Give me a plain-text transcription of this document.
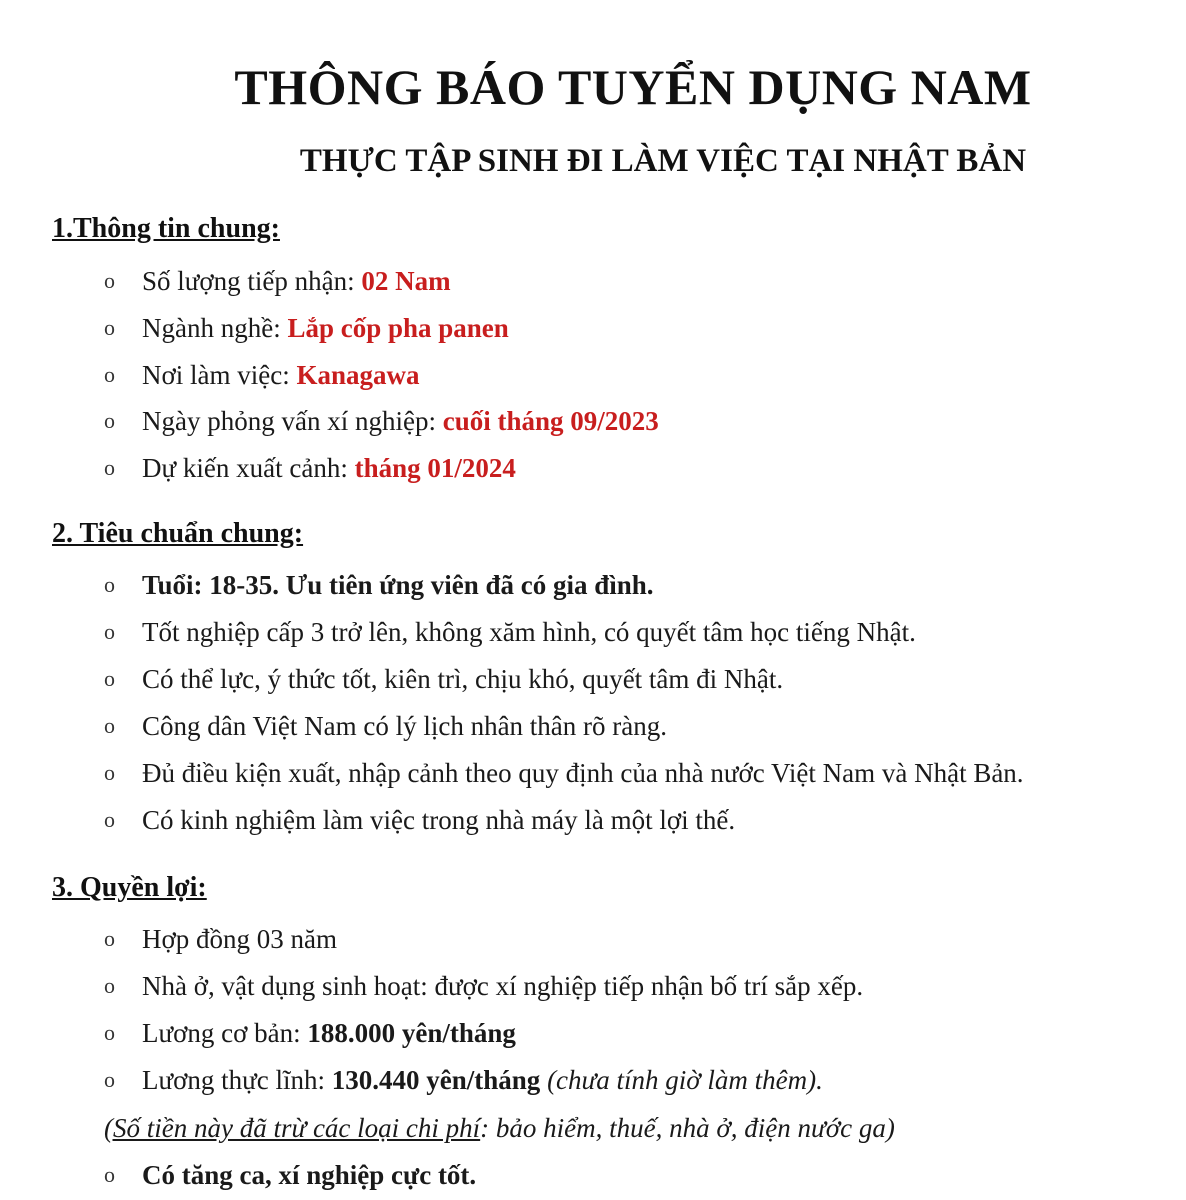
THÔNG BÁO TUYỂN DỤNG NAM
THỰC TẬP SINH ĐI LÀM VIỆC TẠI NHẬT BẢN
1.Thông tin chung:
o Số lượng tiếp nhận: 02 Nam
o Ngành nghề: Lắp cốp pha panen
o Nơi làm việc: Kanagawa
o Ngày phỏng vấn xí nghiệp: cuối tháng 09/2023
o Dự kiến xuất cảnh: tháng 01/2024
2. Tiêu chuẩn chung:
o Tuổi: 18-35. Ưu tiên ứng viên đã có gia đình.
o Tốt nghiệp cấp 3 trở lên, không xăm hình, có quyết tâm học tiếng Nhật.
o Có thể lực, ý thức tốt, kiên trì, chịu khó, quyết tâm đi Nhật.
o Công dân Việt Nam có lý lịch nhân thân rõ ràng.
o Đủ điều kiện xuất, nhập cảnh theo quy định của nhà nước Việt Nam và Nhật Bản.
o Có kinh nghiệm làm việc trong nhà máy là một lợi thế.
3. Quyền lợi:
o Hợp đồng 03 năm
o Nhà ở, vật dụng sinh hoạt: được xí nghiệp tiếp nhận bố trí sắp xếp.
o Lương cơ bản: 188.000 yên/tháng
o Lương thực lĩnh: 130.440 yên/tháng (chưa tính giờ làm thêm).
(Số tiền này đã trừ các loại chi phí: bảo hiểm, thuế, nhà ở, điện nước ga)
o Có tăng ca, xí nghiệp cực tốt.
